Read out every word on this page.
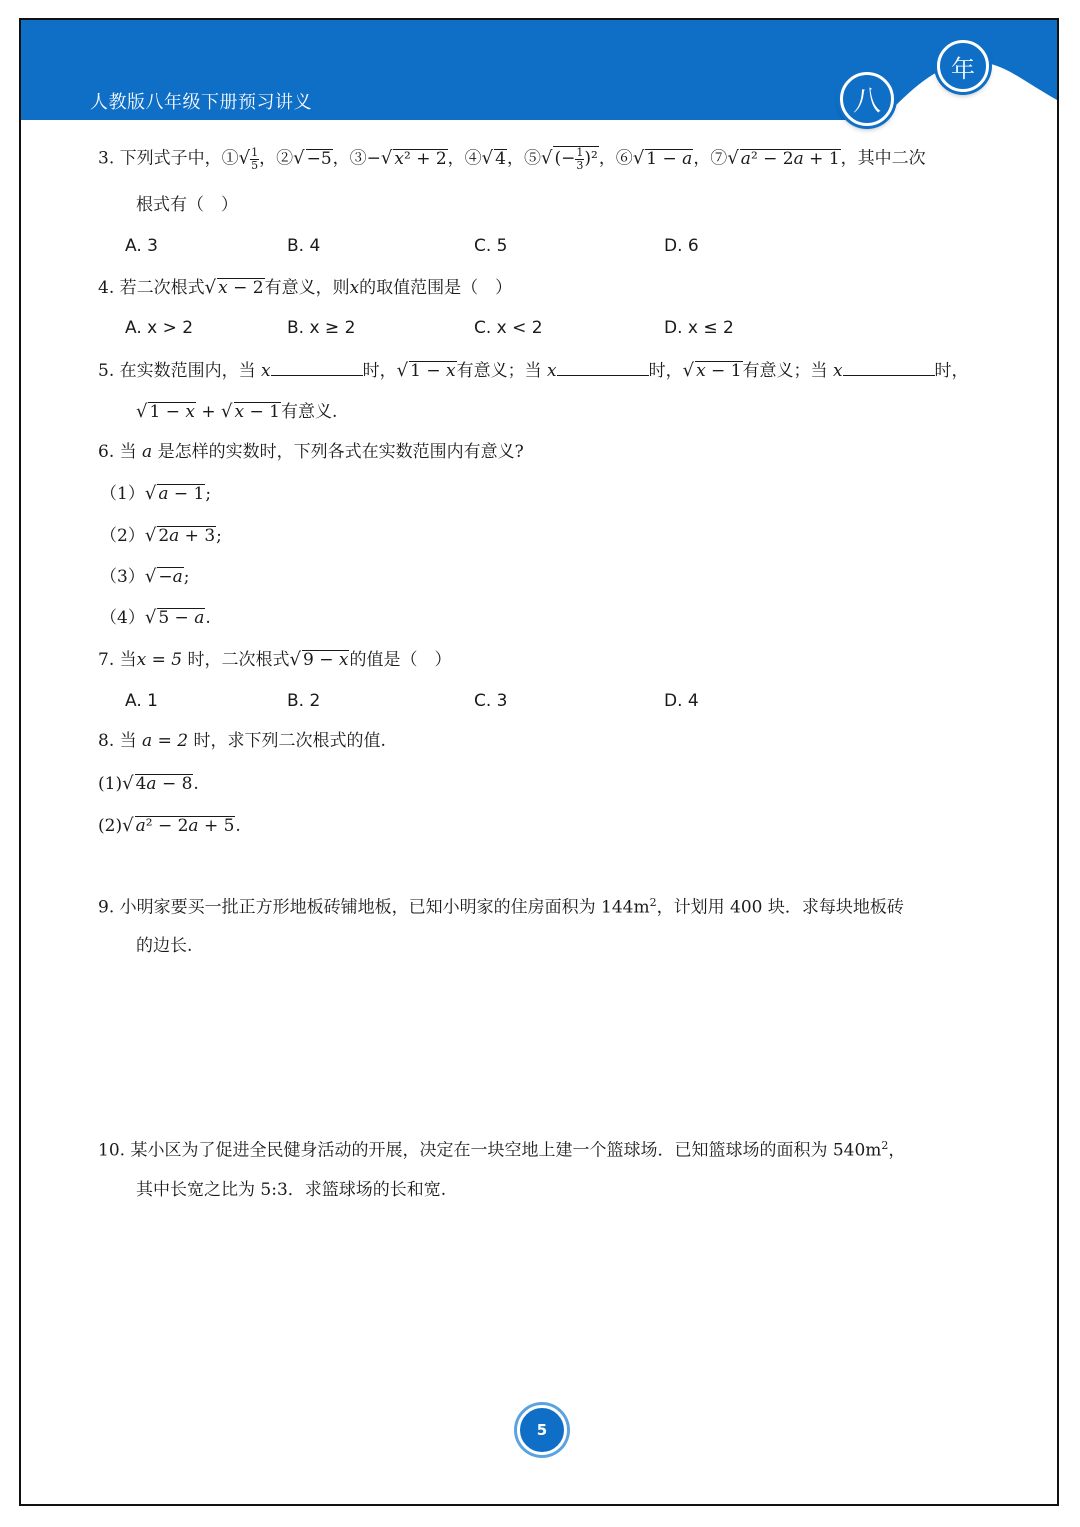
人教版八年级下册预习讲义	八
年
3. 下列式子中，①√ $\frac{1}{5}$ ，②√ −5，③−√ x² + 2，④√ 4，⑤√ (− $\frac{1}{3} )^2$，⑥√ 1 − a，⑦√ a² − 2a + 1，其中二次
根式有（　）
A. 3	B. 4	C. 5	D. 6
4. 若二次根式√ x − 2有意义，则x的取值范围是（　）
A. x > 2	B. x ≥ 2	C. x < 2	D. x ≤ 2
5. 在实数范围内，当 x	时，√ 1 − x有意义；当 x	时，√ x − 1有意义；当 x	时，
√ 1 − x + √ x − 1有意义.
6. 当 a 是怎样的实数时，下列各式在实数范围内有意义?
（1）√ a − 1;
（2）√ 2a + 3;
（3）√ −a;
（4）√ 5 − a.
7. 当x = 5 时，二次根式√ 9 − x的值是（　）
A. 1	B. 2	C. 3	D. 4
8. 当 a = 2 时，求下列二次根式的值.
(1)√ 4a − 8.
(2)√ a² − 2a + 5.
9. 小明家要买一批正方形地板砖铺地板，已知小明家的住房面积为 $144m^2$，计划用 400 块．求每块地板砖
的边长.
10. 某小区为了促进全民健身活动的开展，决定在一块空地上建一个篮球场．已知篮球场的面积为 $540m^2$，
其中长宽之比为 5:3．求篮球场的长和宽.
5
